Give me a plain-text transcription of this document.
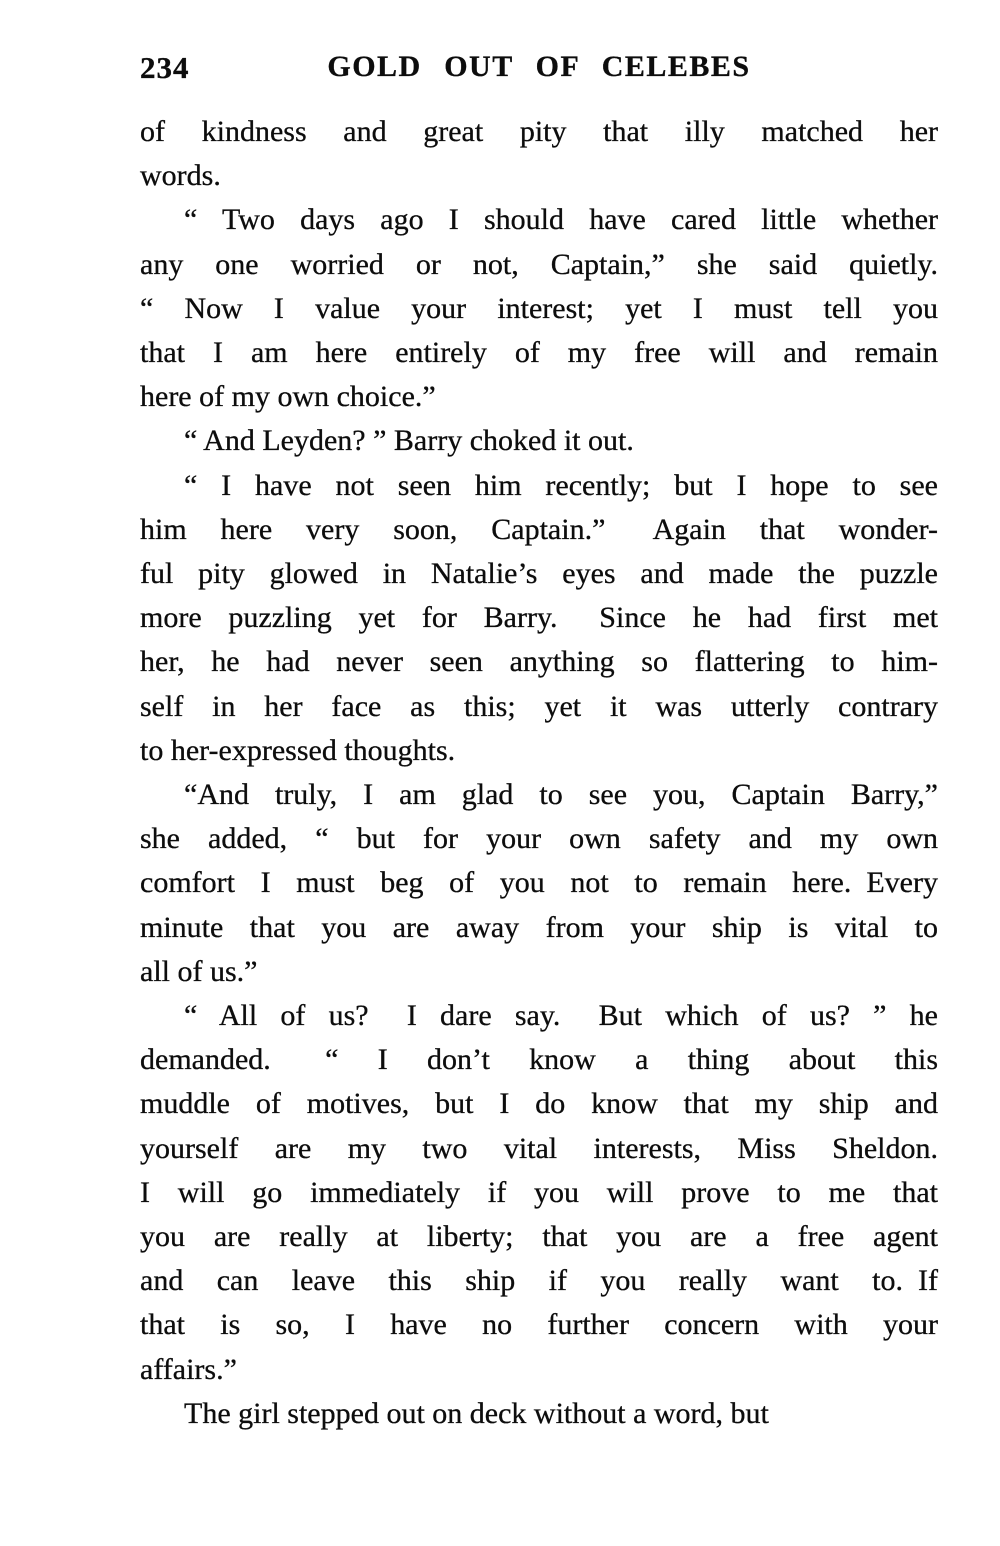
234	GOLD OUT OF CELEBES
of kindness and great pity that illy matched her
words.
“ Two days ago I should have cared little whether
any one worried or not, Captain,” she said quietly.
“ Now I value your interest; yet I must tell you
that I am here entirely of my free will and remain
here of my own choice.”
“ And Leyden? ” Barry choked it out.
“ I have not seen him recently; but I hope to see
him here very soon, Captain.”  Again that wonder-
ful pity glowed in Natalie’s eyes and made the puzzle
more puzzling yet for Barry.  Since he had first met
her, he had never seen anything so flattering to him-
self in her face as this; yet it was utterly contrary
to her-expressed thoughts.
“And truly, I am glad to see you, Captain Barry,”
she added, “ but for your own safety and my own
comfort I must beg of you not to remain here. Every
minute that you are away from your ship is vital to
all of us.”
“ All of us?  I dare say.  But which of us? ” he
demanded.  “ I don’t know a thing about this
muddle of motives, but I do know that my ship and
yourself are my two vital interests, Miss Sheldon.
I will go immediately if you will prove to me that
you are really at liberty; that you are a free agent
and can leave this ship if you really want to. If
that is so, I have no further concern with your
affairs.”
The girl stepped out on deck without a word, but
